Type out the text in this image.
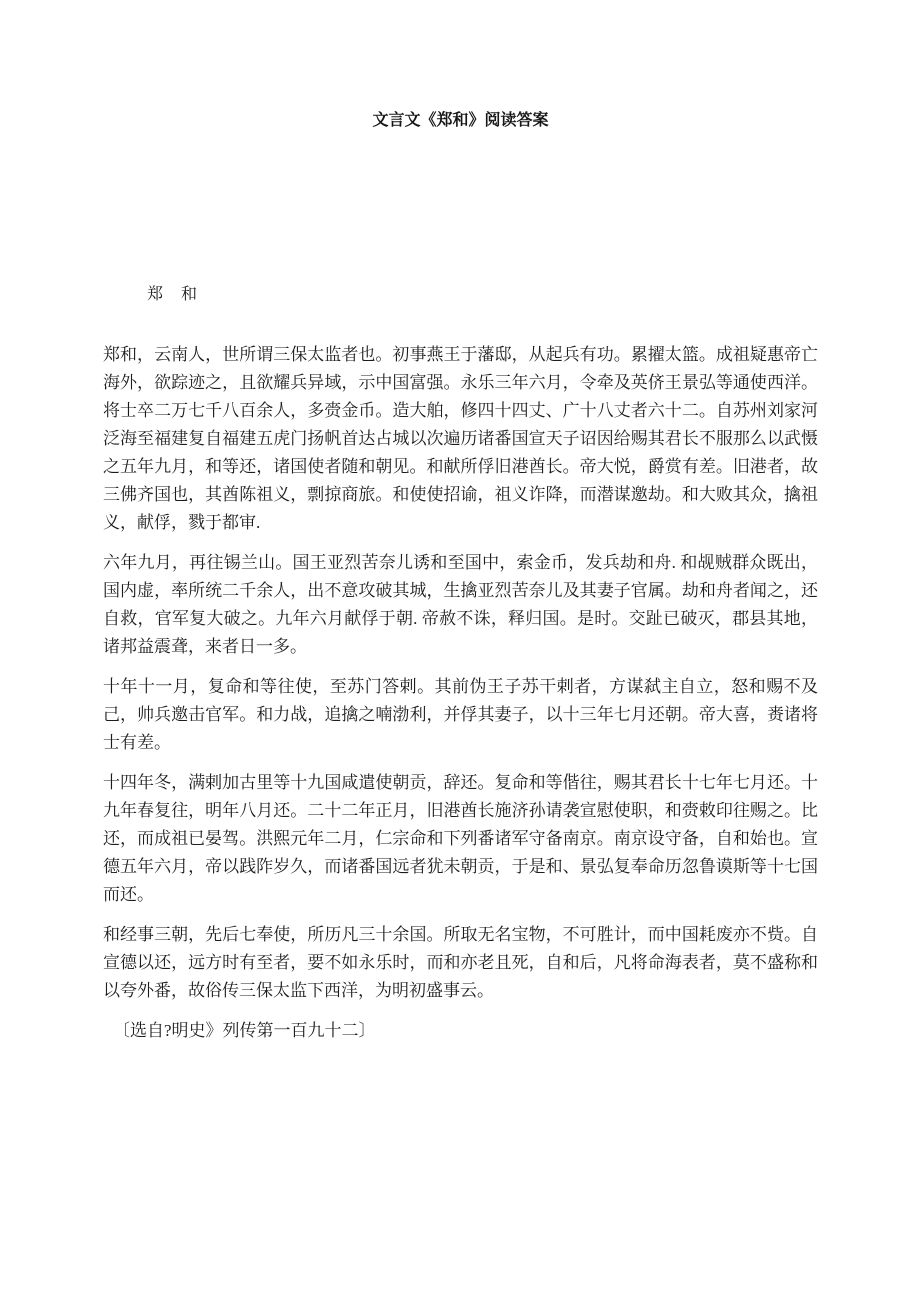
文言文《郑和》阅读答案
郑　和

郑和，云南人，世所谓三保太监者也。初事燕王于藩邸，从起兵有功。累擢太篮。成祖疑惠帝亡海外，欲踪迹之，且欲耀兵异域，示中国富强。永乐三年六月，令牵及英侪王景弘等通使西洋。将士卒二万七千八百余人，多赍金币。造大舶，修四十四丈、广十八丈者六十二。自苏州刘家河泛海至福建复自福建五虎门扬帆首达占城以次遍历诸番国宣天子诏因给赐其君长不服那么以武慑之五年九月，和等还，诸国使者随和朝见。和献所俘旧港酋长。帝大悦，爵赏有差。旧港者，故三佛齐国也，其酋陈祖义，剽掠商旅。和使使招谕，祖义诈降，而潜谋邀劫。和大败其众，擒祖义，献俘，戮于都审.

六年九月，再往锡兰山。国王亚烈苦奈儿诱和至国中，索金币，发兵劫和舟. 和觇贼群众既出，国内虚，率所统二千余人，出不意攻破其城，生擒亚烈苦奈儿及其妻子官属。劫和舟者闻之，还自救，官军复大破之。九年六月献俘于朝. 帝赦不诛，释归国。是时。交趾已破灭，郡县其地，诸邦益震聋，来者日一多。

十年十一月，复命和等往使，至苏门答剌。其前伪王子苏干剌者，方谋弑主自立，怒和赐不及己，帅兵邀击官军。和力战，追擒之喃渤利，并俘其妻子，以十三年七月还朝。帝大喜，赉诸将士有差。

十四年冬，满剌加古里等十九国咸遣使朝贡，辞还。复命和等偕往，赐其君长十七年七月还。十九年春复往，明年八月还。二十二年正月，旧港酋长施济孙请袭宣慰使职，和赍敕印往赐之。比还，而成祖已晏驾。洪熙元年二月，仁宗命和下列番诸军守备南京。南京设守备，自和始也。宣德五年六月，帝以践阼岁久，而诸番国远者犹未朝贡，于是和、景弘复奉命历忽鲁谟斯等十七国而还。

和经事三朝，先后七奉使，所历凡三十余国。所取无名宝物，不可胜计，而中国耗废亦不赀。自宣德以还，远方时有至者，要不如永乐时，而和亦老且死，自和后，凡将命海表者，莫不盛称和以夸外番，故俗传三保太监下西洋，为明初盛事云。

〔选自?明史》列传第一百九十二〕
